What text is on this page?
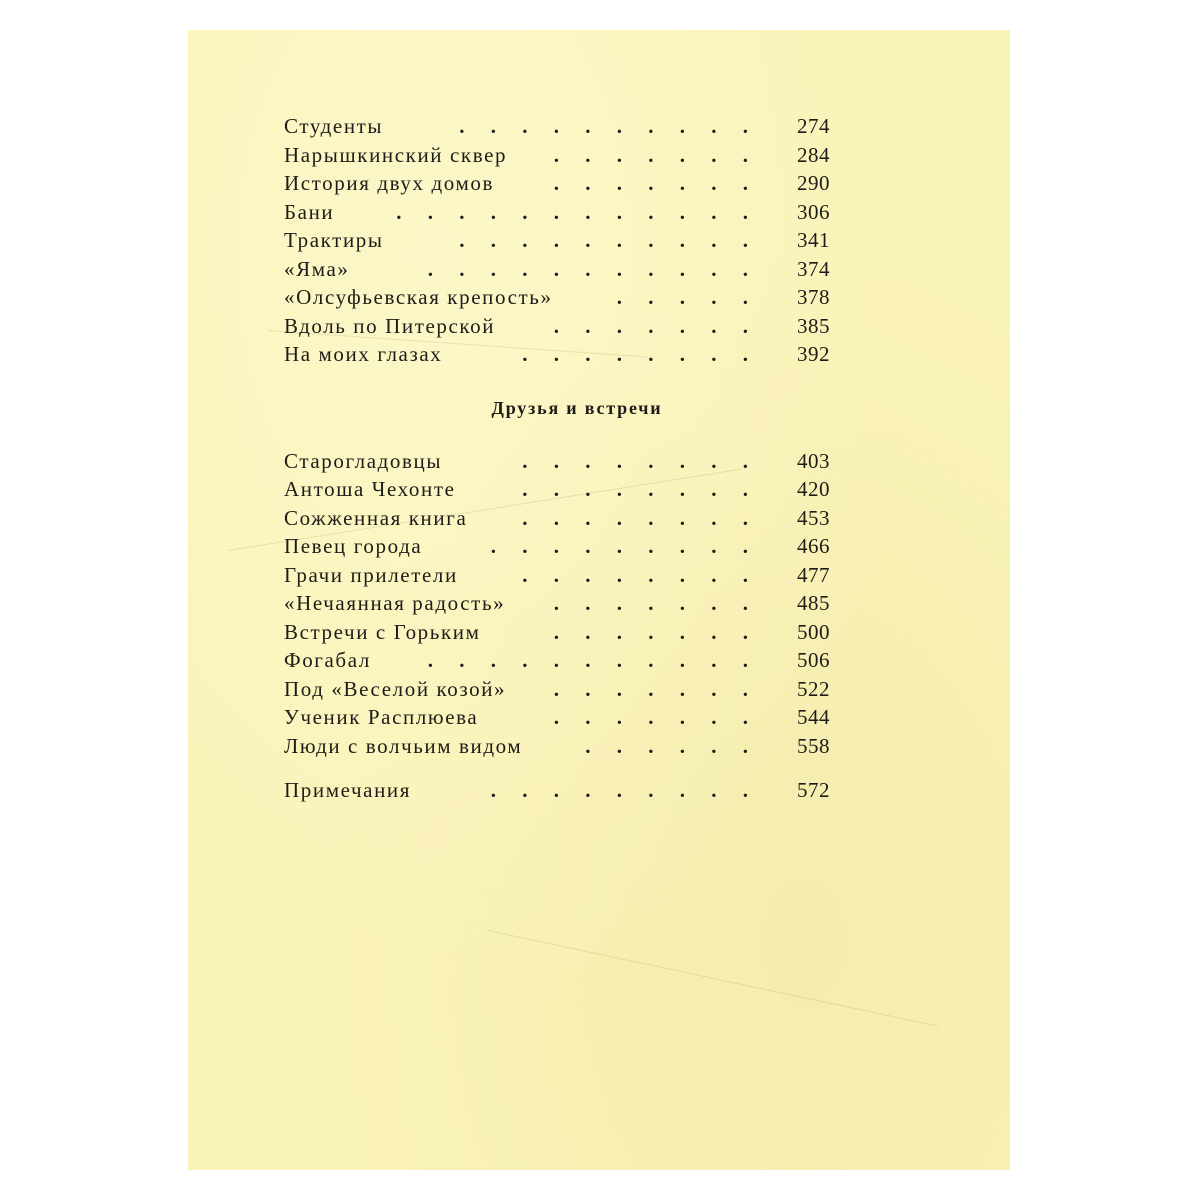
Студенты	.     .     .     .     .     .     .     .     .     .	274
Нарышкинский сквер	.     .     .     .     .     .     .	284
История двух домов	.     .     .     .     .     .     .	290
Бани	.     .     .     .     .     .     .     .     .     .     .     .	306
Трактиры	.     .     .     .     .     .     .     .     .     .	341
«Яма»	.     .     .     .     .     .     .     .     .     .     .	374
«Олсуфьевская крепость»	.     .     .     .     .	378
Вдоль по Питерской	.     .     .     .     .     .     .	385
На моих глазах	.     .     .     .     .     .     .     .	392
Друзья и встречи
Старогладовцы	.     .     .     .     .     .     .     .	403
Антоша Чехонте	.     .     .     .     .     .     .     .	420
Сожженная книга	.     .     .     .     .     .     .     .	453
Певец города	.     .     .     .     .     .     .     .     .	466
Грачи прилетели	.     .     .     .     .     .     .     .	477
«Нечаянная радость»	.     .     .     .     .     .     .	485
Встречи с Горьким	.     .     .     .     .     .     .	500
Фогабал	.     .     .     .     .     .     .     .     .     .     .	506
Под «Веселой козой»	.     .     .     .     .     .     .	522
Ученик Расплюева	.     .     .     .     .     .     .	544
Люди с волчьим видом	.     .     .     .     .     .	558
Примечания	.     .     .     .     .     .     .     .     .	572
